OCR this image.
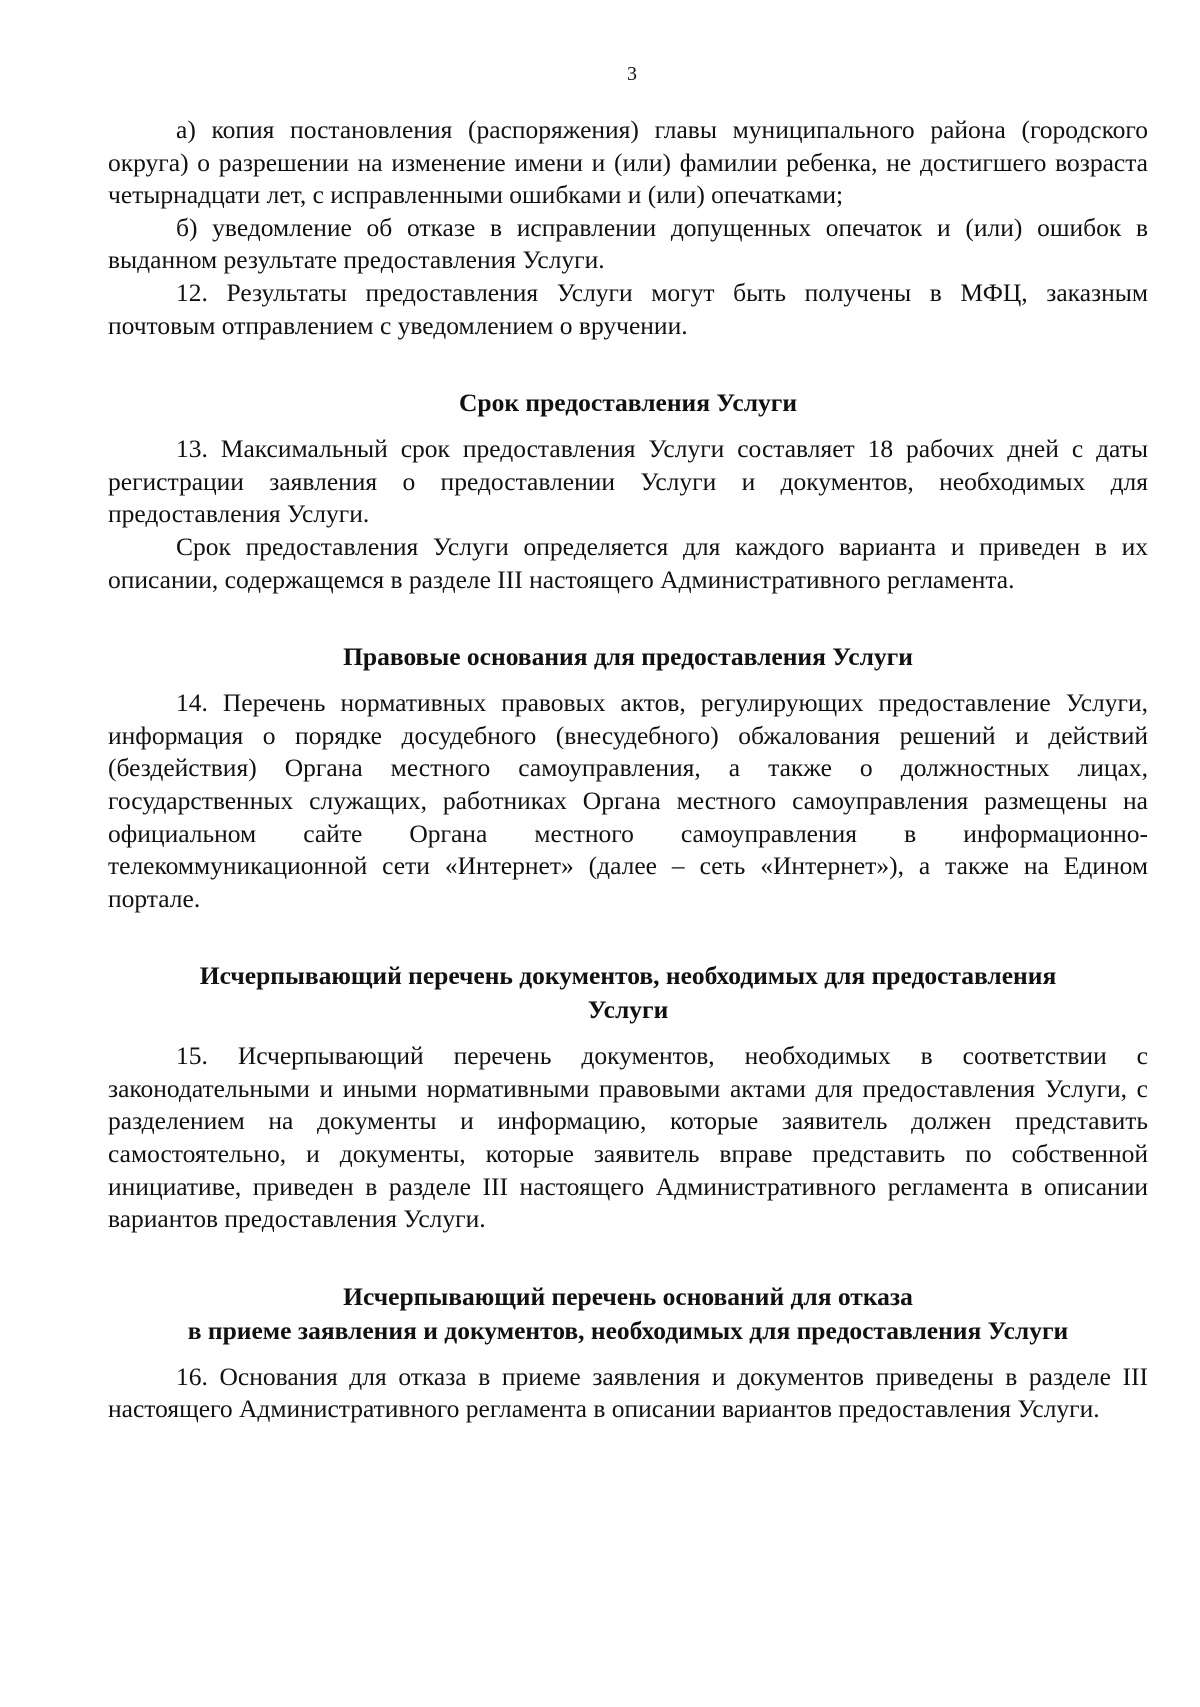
3

а) копия постановления (распоряжения) главы муниципального района (городского округа) о разрешении на изменение имени и (или) фамилии ребенка, не достигшего возраста четырнадцати лет, с исправленными ошибками и (или) опечатками;

б) уведомление об отказе в исправлении допущенных опечаток и (или) ошибок в выданном результате предоставления Услуги.

12. Результаты предоставления Услуги могут быть получены в МФЦ, заказным почтовым отправлением с уведомлением о вручении.

Срок предоставления Услуги

13. Максимальный срок предоставления Услуги составляет 18 рабочих дней с даты регистрации заявления о предоставлении Услуги и документов, необходимых для предоставления Услуги.

Срок предоставления Услуги определяется для каждого варианта и приведен в их описании, содержащемся в разделе III настоящего Административного регламента.

Правовые основания для предоставления Услуги

14. Перечень нормативных правовых актов, регулирующих предоставление Услуги, информация о порядке досудебного (внесудебного) обжалования решений и действий (бездействия) Органа местного самоуправления, а также о должностных лицах, государственных служащих, работниках Органа местного самоуправления размещены на официальном сайте Органа местного самоуправления в информационно-телекоммуникационной сети «Интернет» (далее – сеть «Интернет»), а также на Едином портале.

Исчерпывающий перечень документов, необходимых для предоставления
Услуги

15. Исчерпывающий перечень документов, необходимых в соответствии с законодательными и иными нормативными правовыми актами для предоставления Услуги, с разделением на документы и информацию, которые заявитель должен представить самостоятельно, и документы, которые заявитель вправе представить по собственной инициативе, приведен в разделе III настоящего Административного регламента в описании вариантов предоставления Услуги.

Исчерпывающий перечень оснований для отказа
в приеме заявления и документов, необходимых для предоставления Услуги

16. Основания для отказа в приеме заявления и документов приведены в разделе III настоящего Административного регламента в описании вариантов предоставления Услуги.
